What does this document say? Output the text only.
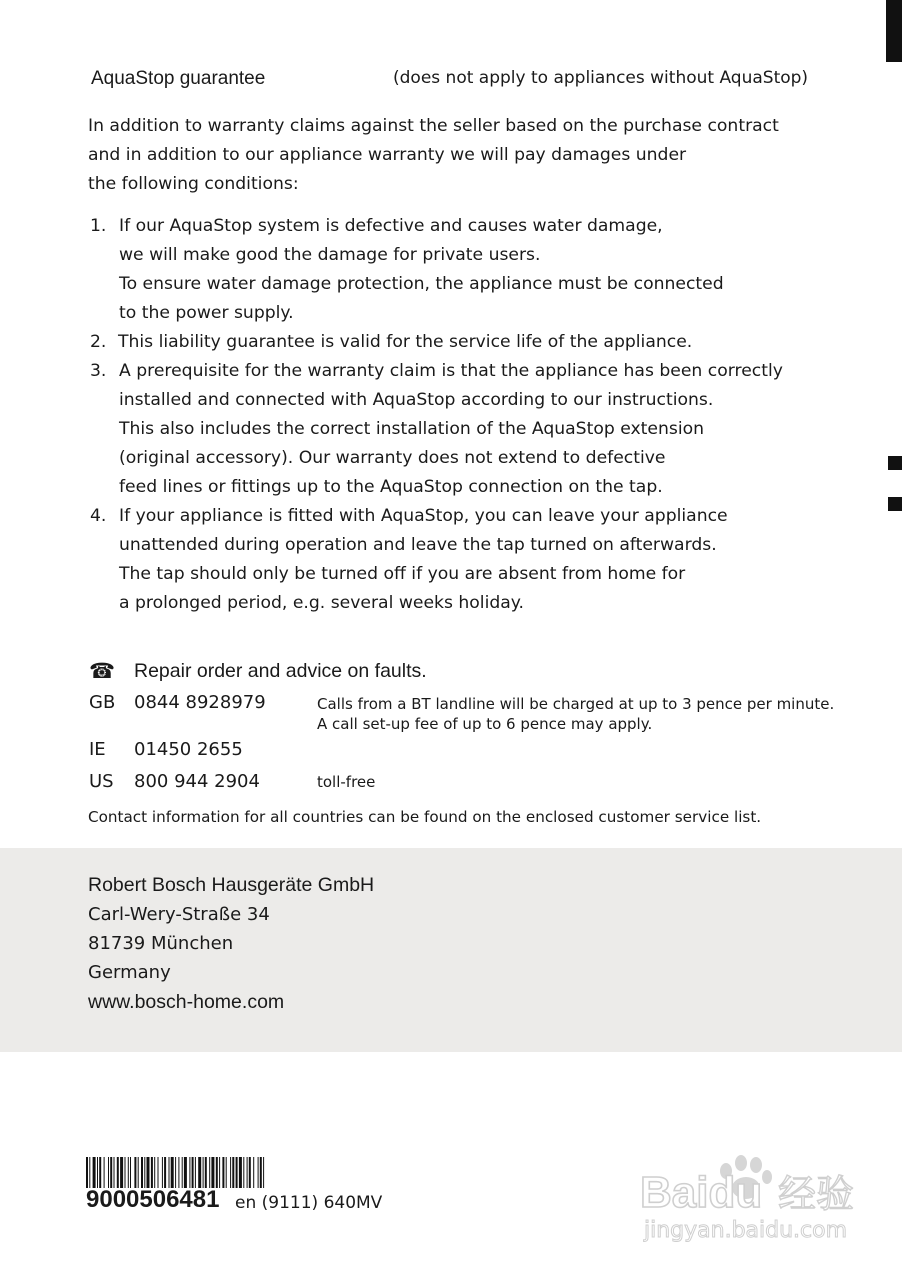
AquaStop guarantee	(does not apply to appliances without AquaStop)
In addition to warranty claims against the seller based on the purchase contract
and in addition to our appliance warranty we will pay damages under
the following conditions:
1. If our AquaStop system is defective and causes water damage,
we will make good the damage for private users.
To ensure water damage protection, the appliance must be connected
to the power supply.
2. This liability guarantee is valid for the service life of the appliance.
3. A prerequisite for the warranty claim is that the appliance has been correctly
installed and connected with AquaStop according to our instructions.
This also includes the correct installation of the AquaStop extension
(original accessory). Our warranty does not extend to defective
feed lines or fittings up to the AquaStop connection on the tap.
4. If your appliance is fitted with AquaStop, you can leave your appliance
unattended during operation and leave the tap turned on afterwards.
The tap should only be turned off if you are absent from home for
a prolonged period, e.g. several weeks holiday.
☎ Repair order and advice on faults.
GB 0844 8928979	Calls from a BT landline will be charged at up to 3 pence per minute.
A call set-up fee of up to 6 pence may apply.
IE 01450 2655
US 800 944 2904	toll-free
Contact information for all countries can be found on the enclosed customer service list.
Robert Bosch Hausgeräte GmbH
Carl-Wery-Straße 34
81739 München
Germany
www.bosch-home.com
9000506481 en (9111) 640MV	Baidu 经验
jingyan.baidu.com
